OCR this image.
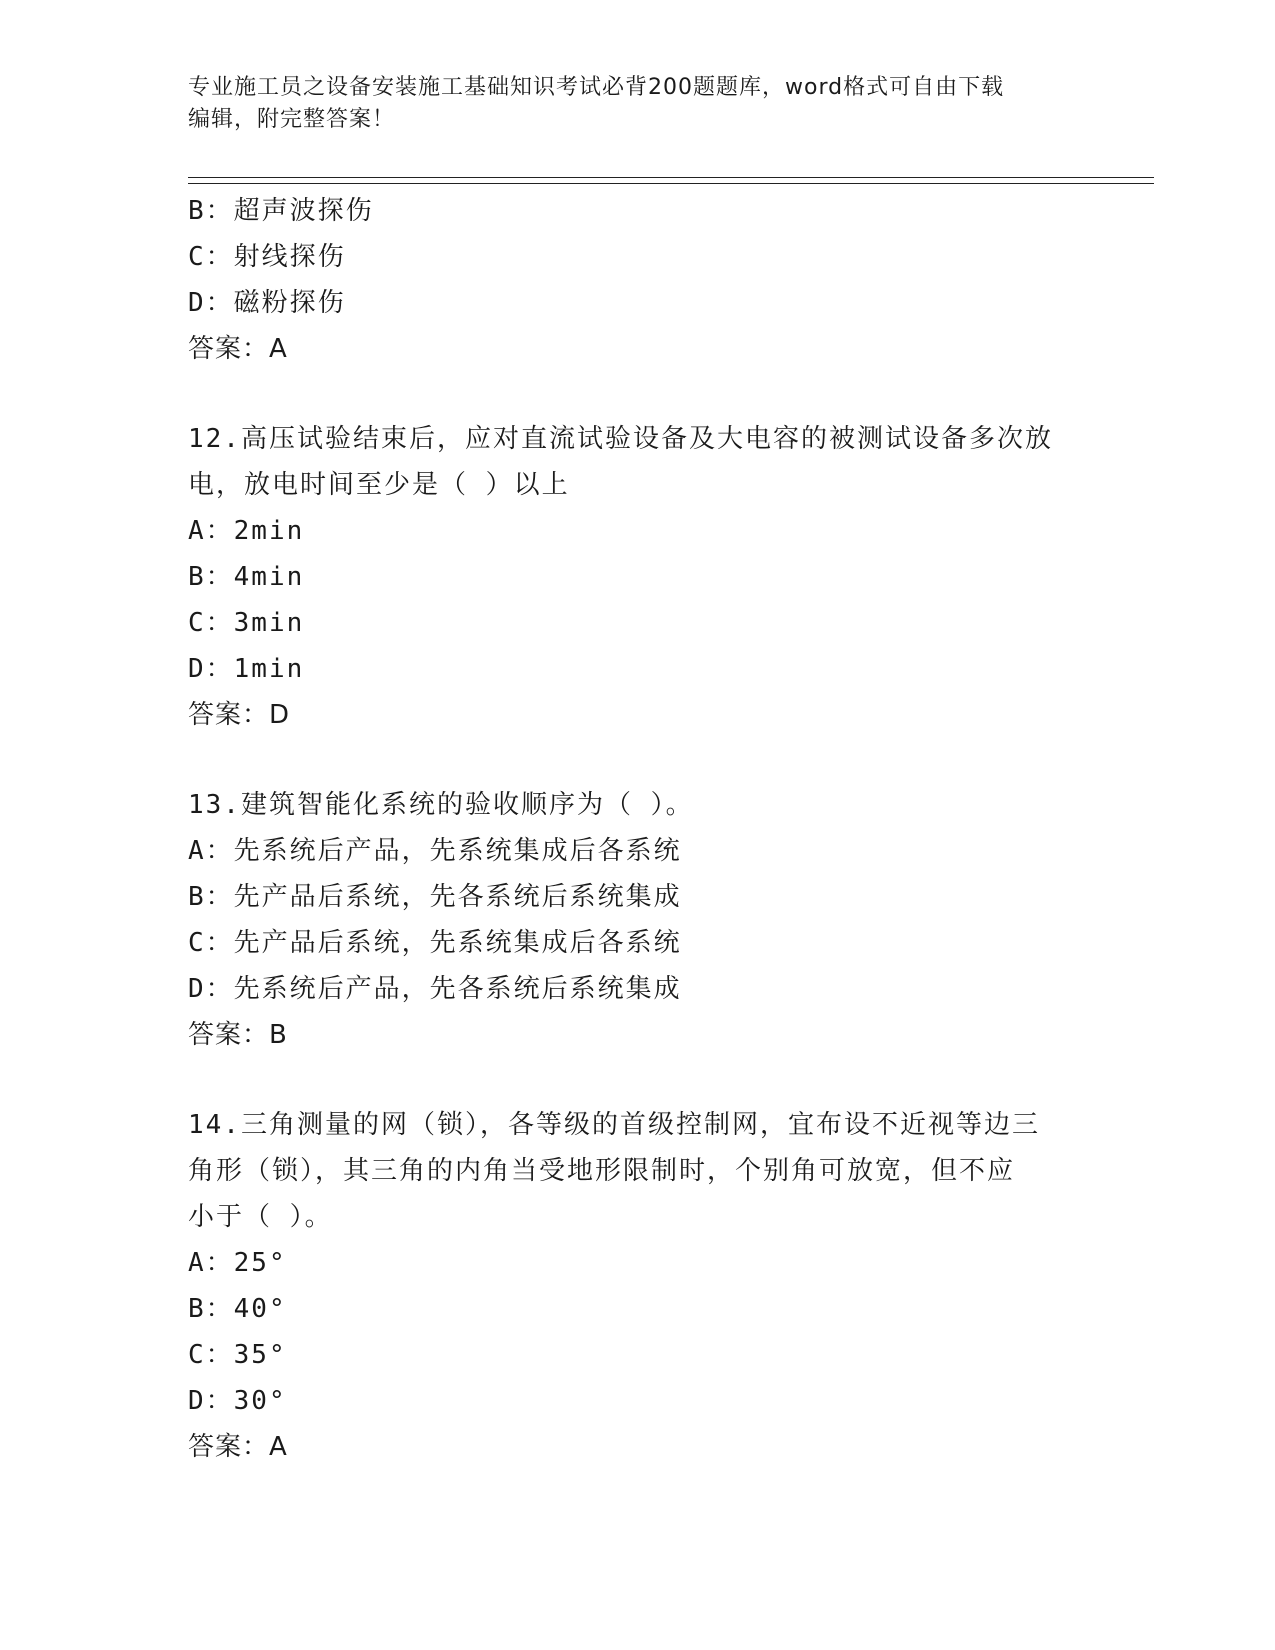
专业施工员之设备安装施工基础知识考试必背200题题库，word格式可自由下载
编辑，附完整答案！
B：超声波探伤
C：射线探伤
D：磁粉探伤
答案：A
12.高压试验结束后，应对直流试验设备及大电容的被测试设备多次放
电，放电时间至少是（ ）以上
A：2min
B：4min
C：3min
D：1min
答案：D
13.建筑智能化系统的验收顺序为（ ）。
A：先系统后产品，先系统集成后各系统
B：先产品后系统，先各系统后系统集成
C：先产品后系统，先系统集成后各系统
D：先系统后产品，先各系统后系统集成
答案：B
14.三角测量的网（锁），各等级的首级控制网，宜布设不近视等边三
角形（锁），其三角的内角当受地形限制时，个别角可放宽，但不应
小于（ ）。
A：25°
B：40°
C：35°
D：30°
答案：A
